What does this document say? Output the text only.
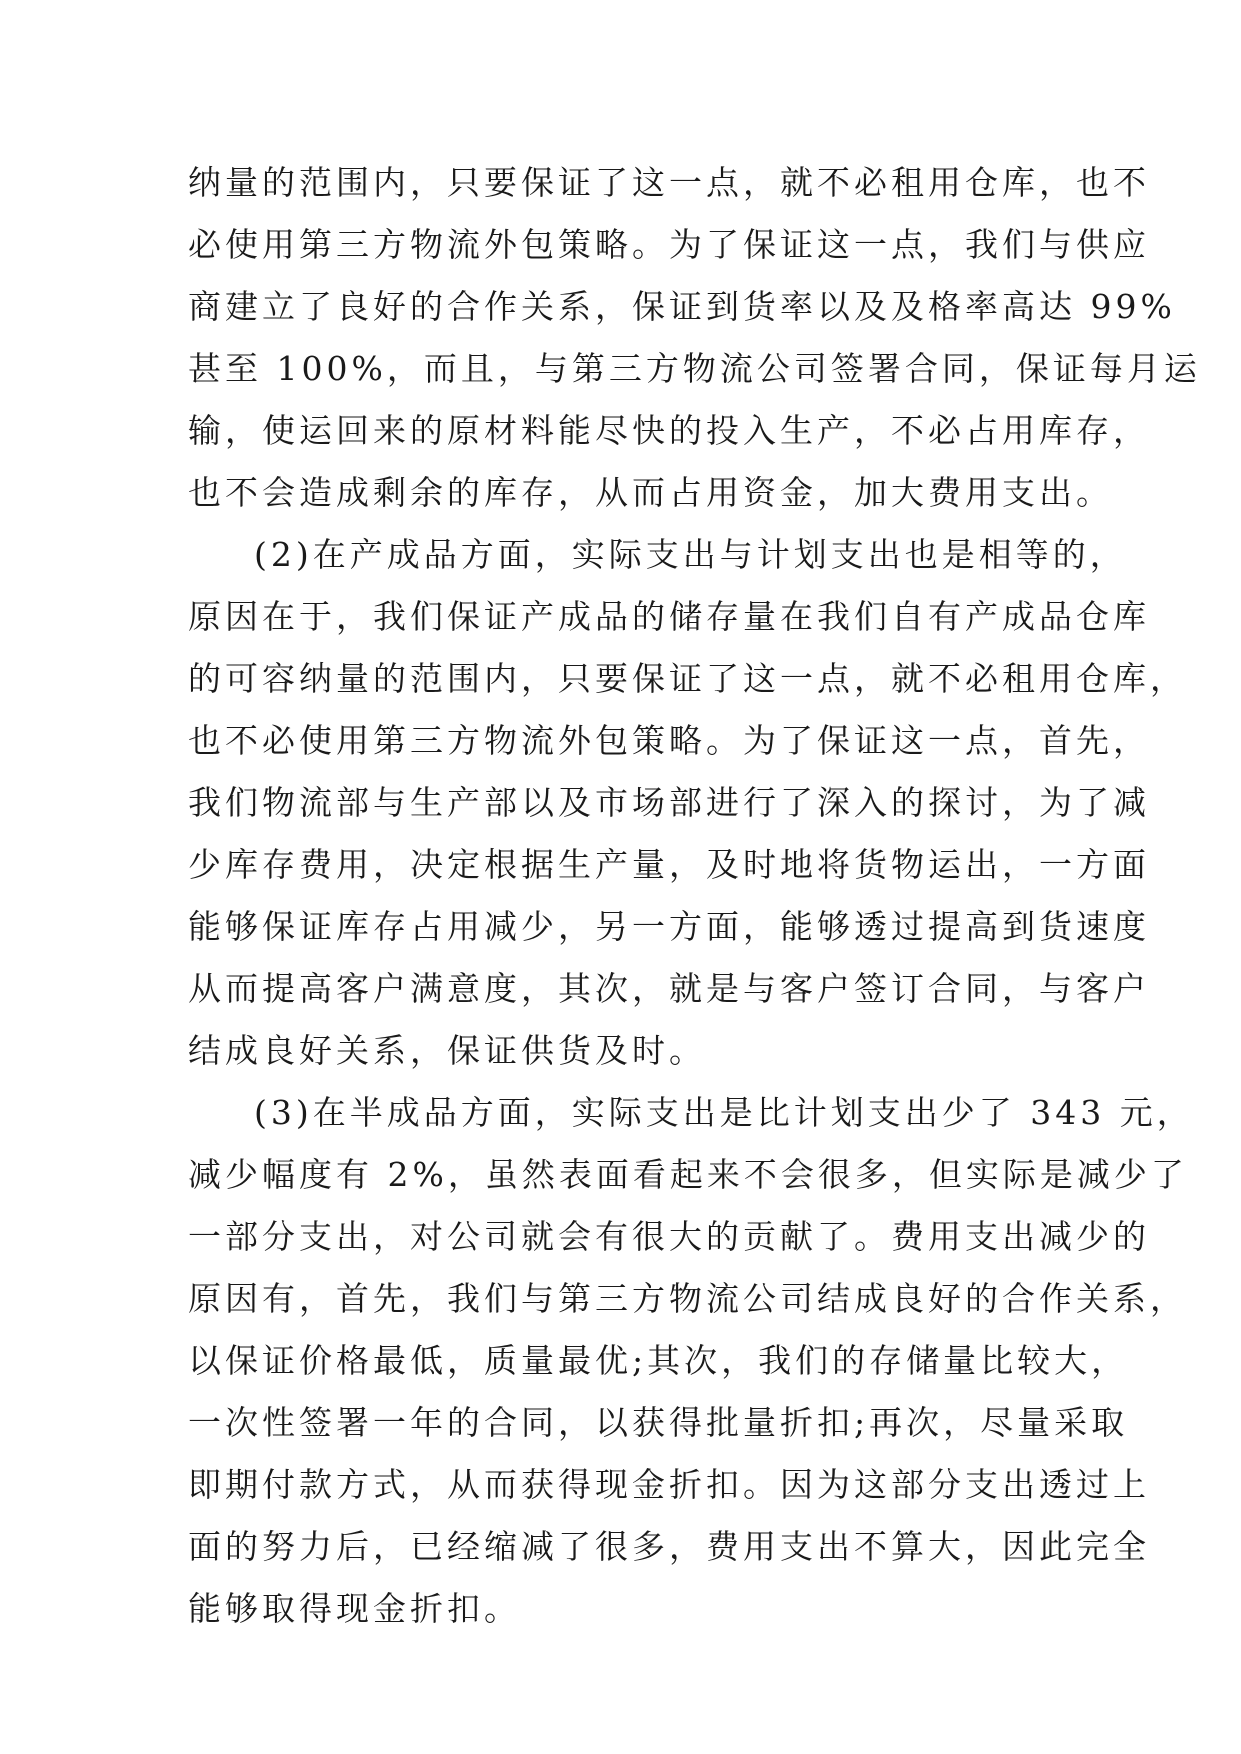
纳量的范围内，只要保证了这一点，就不必租用仓库，也不
必使用第三方物流外包策略。为了保证这一点，我们与供应
商建立了良好的合作关系，保证到货率以及及格率高达 99%
甚至 100%，而且，与第三方物流公司签署合同，保证每月运
输，使运回来的原材料能尽快的投入生产，不必占用库存，
也不会造成剩余的库存，从而占用资金，加大费用支出。
(2)在产成品方面，实际支出与计划支出也是相等的，
原因在于，我们保证产成品的储存量在我们自有产成品仓库
的可容纳量的范围内，只要保证了这一点，就不必租用仓库，
也不必使用第三方物流外包策略。为了保证这一点，首先，
我们物流部与生产部以及市场部进行了深入的探讨，为了减
少库存费用，决定根据生产量，及时地将货物运出，一方面
能够保证库存占用减少，另一方面，能够透过提高到货速度
从而提高客户满意度，其次，就是与客户签订合同，与客户
结成良好关系，保证供货及时。
(3)在半成品方面，实际支出是比计划支出少了 343 元，
减少幅度有 2%，虽然表面看起来不会很多，但实际是减少了
一部分支出，对公司就会有很大的贡献了。费用支出减少的
原因有，首先，我们与第三方物流公司结成良好的合作关系，
以保证价格最低，质量最优;其次，我们的存储量比较大，
一次性签署一年的合同，以获得批量折扣;再次，尽量采取
即期付款方式，从而获得现金折扣。因为这部分支出透过上
面的努力后，已经缩减了很多，费用支出不算大，因此完全
能够取得现金折扣。
